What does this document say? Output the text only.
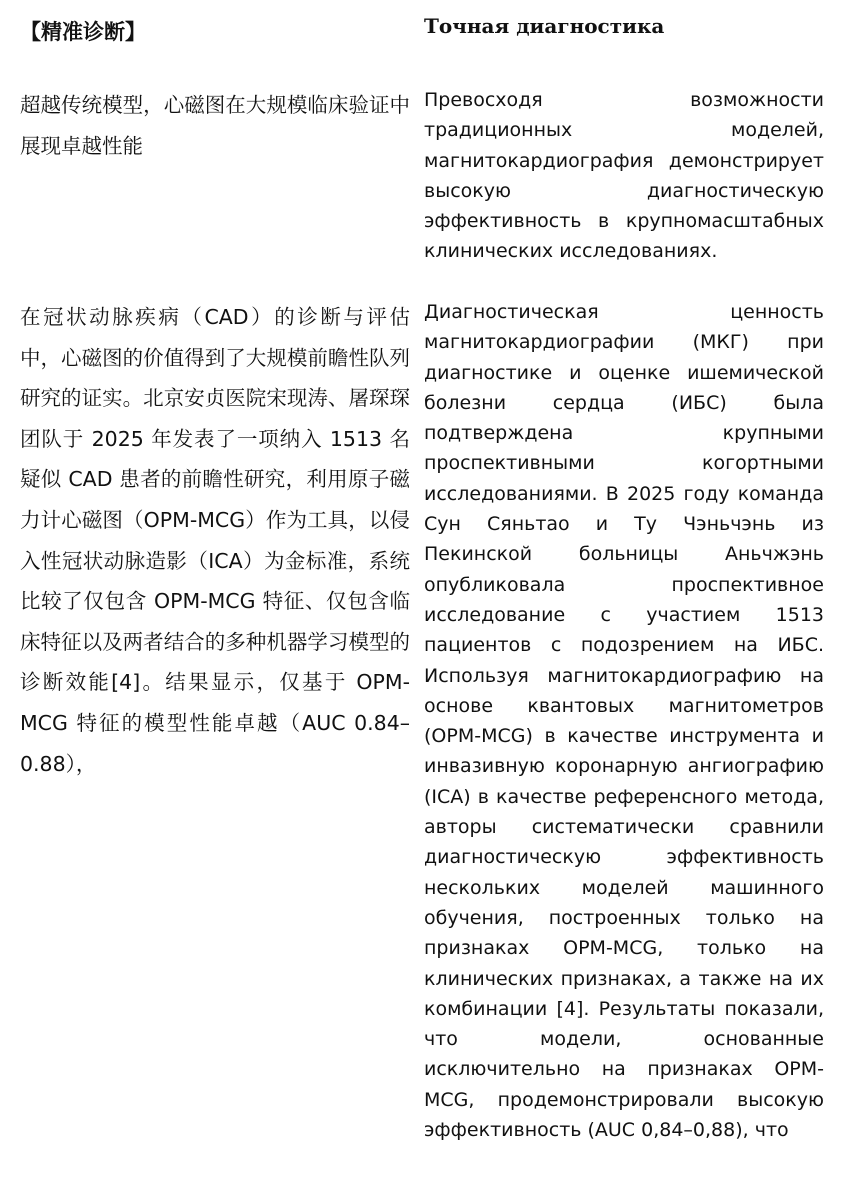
【精准诊断】

超越传统模型，心磁图在大规模临床验证中展现卓越性能

在冠状动脉疾病（CAD）的诊断与评估中，心磁图的价值得到了大规模前瞻性队列研究的证实。北京安贞医院宋现涛、屠琛琛团队于 2025 年发表了一项纳入 1513 名疑似 CAD 患者的前瞻性研究，利用原子磁力计心磁图（OPM-MCG）作为工具，以侵入性冠状动脉造影（ICA）为金标准，系统比较了仅包含 OPM-MCG 特征、仅包含临床特征以及两者结合的多种机器学习模型的诊断效能[4]。结果显示，仅基于 OPM-MCG 特征的模型性能卓越（AUC 0.84–0.88），

Точная диагностика

Превосходя возможности традиционных моделей, магнитокардиография демонстрирует высокую диагностическую эффективность в крупномасштабных клинических исследованиях.

Диагностическая ценность магнитокардиографии (МКГ) при диагностике и оценке ишемической болезни сердца (ИБС) была подтверждена крупными проспективными когортными исследованиями. В 2025 году команда Сун Сяньтао и Ту Чэньчэнь из Пекинской больницы Аньчжэнь опубликовала проспективное исследование с участием 1513 пациентов с подозрением на ИБС. Используя магнитокардиографию на основе квантовых магнитометров (OPM-MCG) в качестве инструмента и инвазивную коронарную ангиографию (ICA) в качестве референсного метода, авторы систематически сравнили диагностическую эффективность нескольких моделей машинного обучения, построенных только на признаках OPM-MCG, только на клинических признаках, а также на их комбинации [4]. Результаты показали, что модели, основанные исключительно на признаках OPM-MCG, продемонстрировали высокую эффективность (AUC 0,84–0,88), что
